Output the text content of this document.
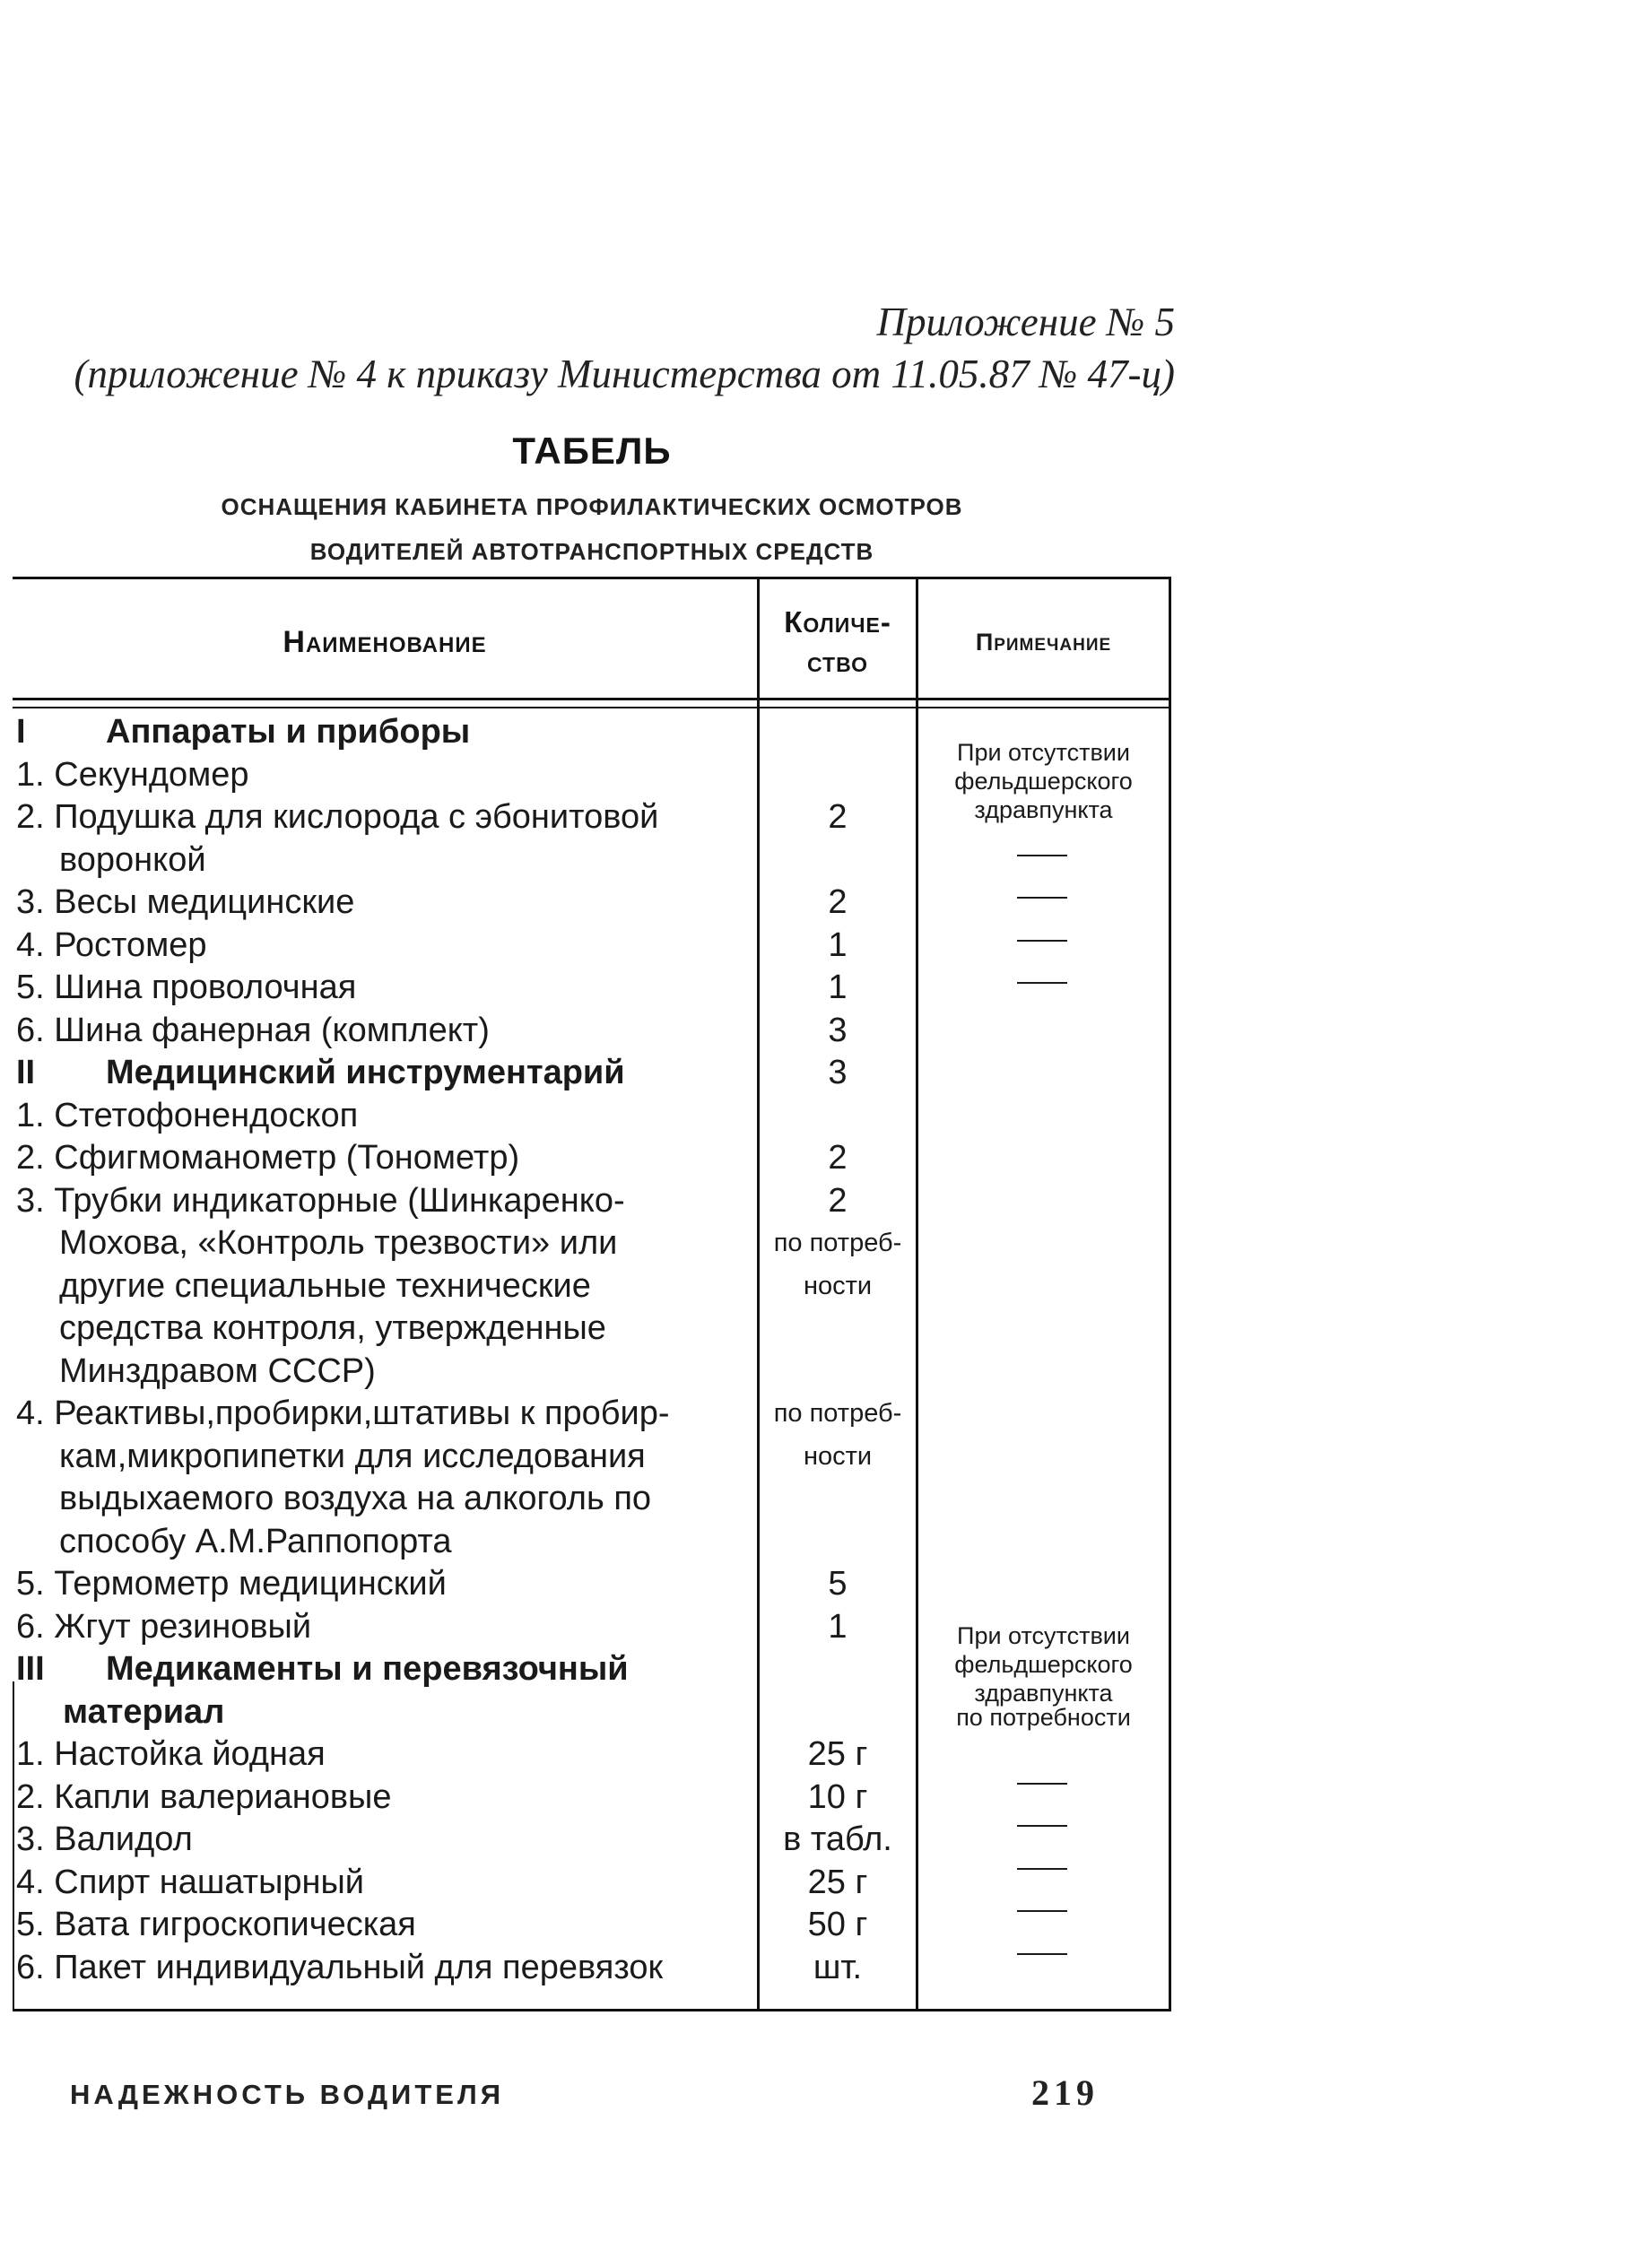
Приложение № 5
(приложение № 4 к приказу Министерства от 11.05.87 № 47-ц)
ТАБЕЛЬ
ОСНАЩЕНИЯ КАБИНЕТА ПРОФИЛАКТИЧЕСКИХ ОСМОТРОВ
ВОДИТЕЛЕЙ АВТОТРАНСПОРТНЫХ СРЕДСТВ
Наименование
Количе-
ство
Примечание
I Аппараты и приборы
1. Секундомер
2. Подушка для кислорода с эбонитовой
воронкой
3. Весы медицинские
4. Ростомер
5. Шина проволочная
6. Шина фанерная (комплект)
II Медицинский инструментарий
1. Стетофонендоскоп
2. Сфигмоманометр (Тонометр)
3. Трубки индикаторные (Шинкаренко-
Мохова, «Контроль трезвости» или
другие специальные технические
средства контроля, утвержденные
Минздравом СССР)
4. Реактивы,пробирки,штативы к пробир-
кам,микропипетки для исследования
выдыхаемого воздуха на алкоголь по
способу А.М.Раппопорта
5. Термометр медицинский
6. Жгут резиновый
III Медикаменты и перевязочный
материал
1. Настойка йодная
2. Капли валериановые
3. Валидол
4. Спирт нашатырный
5. Вата гигроскопическая
6. Пакет индивидуальный для перевязок
2
2
1
1
3
3
2
2
по потреб-
ности
по потреб-
ности
5
1
25 г
10 г
в табл.
25 г
50 г
шт.
При отсутствии
фельдшерского
здравпункта
При отсутствии
фельдшерского
здравпункта
по потребности
НАДЕЖНОСТЬ ВОДИТЕЛЯ	219
